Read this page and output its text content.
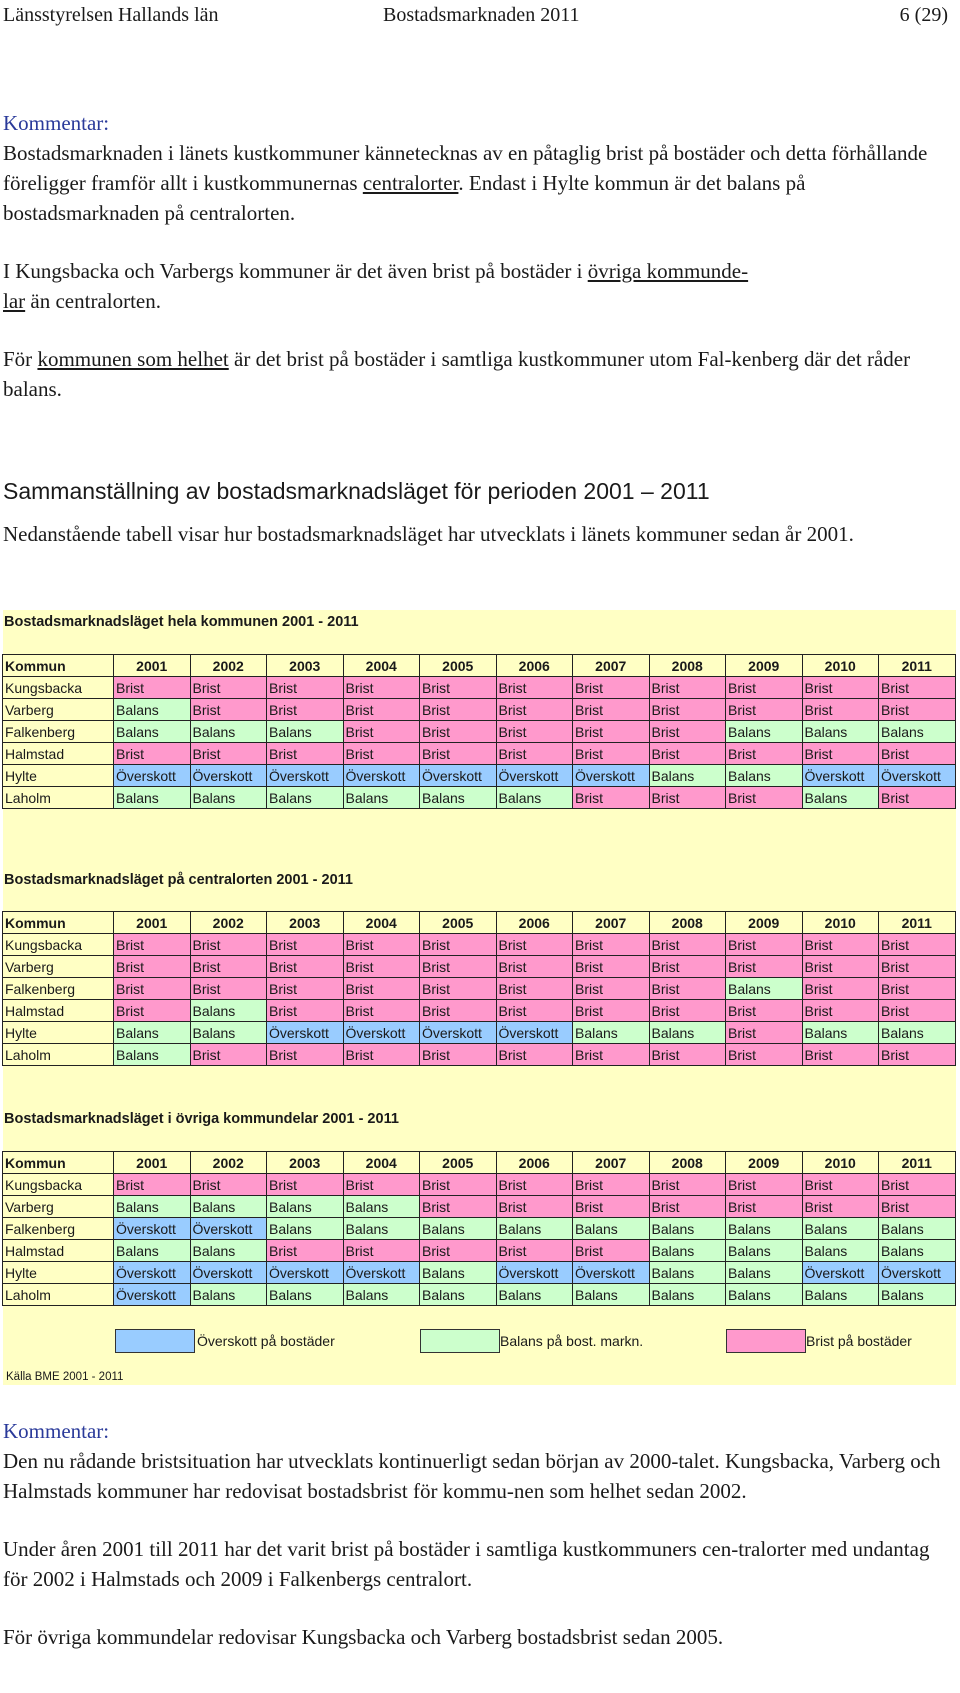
Länsstyrelsen Hallands län	Bostadsmarknaden 2011	6 (29)
Kommentar:
Bostadsmarknaden i länets kustkommuner kännetecknas av en påtaglig brist på bostäder och detta förhållande föreligger framför allt i kustkommunernas centralorter. Endast i Hylte kommun är det balans på bostadsmarknaden på centralorten.
I Kungsbacka och Varbergs kommuner är det även brist på bostäder i övriga kommunde-
lar än centralorten.
För kommunen som helhet är det brist på bostäder i samtliga kustkommuner utom Fal-kenberg där det råder balans.
Sammanställning av bostadsmarknadsläget för perioden 2001 – 2011
Nedanstående tabell visar hur bostadsmarknadsläget har utvecklats i länets kommuner sedan år 2001.
Bostadsmarknadsläget hela kommunen 2001 - 2011
Kommun	2001	2002	2003	2004	2005	2006	2007	2008	2009	2010	2011
Kungsbacka	Brist	Brist	Brist	Brist	Brist	Brist	Brist	Brist	Brist	Brist	Brist
Varberg	Balans	Brist	Brist	Brist	Brist	Brist	Brist	Brist	Brist	Brist	Brist
Falkenberg	Balans	Balans	Balans	Brist	Brist	Brist	Brist	Brist	Balans	Balans	Balans
Halmstad	Brist	Brist	Brist	Brist	Brist	Brist	Brist	Brist	Brist	Brist	Brist
Hylte	Överskott	Överskott	Överskott	Överskott	Överskott	Överskott	Överskott	Balans	Balans	Överskott	Överskott
Laholm	Balans	Balans	Balans	Balans	Balans	Balans	Brist	Brist	Brist	Balans	Brist
Bostadsmarknadsläget på centralorten 2001 - 2011
Kommun	2001	2002	2003	2004	2005	2006	2007	2008	2009	2010	2011
Kungsbacka	Brist	Brist	Brist	Brist	Brist	Brist	Brist	Brist	Brist	Brist	Brist
Varberg	Brist	Brist	Brist	Brist	Brist	Brist	Brist	Brist	Brist	Brist	Brist
Falkenberg	Brist	Brist	Brist	Brist	Brist	Brist	Brist	Brist	Balans	Brist	Brist
Halmstad	Brist	Balans	Brist	Brist	Brist	Brist	Brist	Brist	Brist	Brist	Brist
Hylte	Balans	Balans	Överskott	Överskott	Överskott	Överskott	Balans	Balans	Brist	Balans	Balans
Laholm	Balans	Brist	Brist	Brist	Brist	Brist	Brist	Brist	Brist	Brist	Brist
Bostadsmarknadsläget i övriga kommundelar 2001 - 2011
Kommun	2001	2002	2003	2004	2005	2006	2007	2008	2009	2010	2011
Kungsbacka	Brist	Brist	Brist	Brist	Brist	Brist	Brist	Brist	Brist	Brist	Brist
Varberg	Balans	Balans	Balans	Balans	Brist	Brist	Brist	Brist	Brist	Brist	Brist
Falkenberg	Överskott	Överskott	Balans	Balans	Balans	Balans	Balans	Balans	Balans	Balans	Balans
Halmstad	Balans	Balans	Brist	Brist	Brist	Brist	Brist	Balans	Balans	Balans	Balans
Hylte	Överskott	Överskott	Överskott	Överskott	Balans	Överskott	Överskott	Balans	Balans	Överskott	Överskott
Laholm	Överskott	Balans	Balans	Balans	Balans	Balans	Balans	Balans	Balans	Balans	Balans
Överskott på bostäder	Balans på bost. markn.	Brist på bostäder
Källa BME 2001 - 2011
Kommentar:
Den nu rådande bristsituation har utvecklats kontinuerligt sedan början av 2000-talet. Kungsbacka, Varberg och Halmstads kommuner har redovisat bostadsbrist för kommu-nen som helhet sedan 2002.
Under åren 2001 till 2011 har det varit brist på bostäder i samtliga kustkommuners cen-tralorter med undantag för 2002 i Halmstads och 2009 i Falkenbergs centralort.
För övriga kommundelar redovisar Kungsbacka och Varberg bostadsbrist sedan 2005.
